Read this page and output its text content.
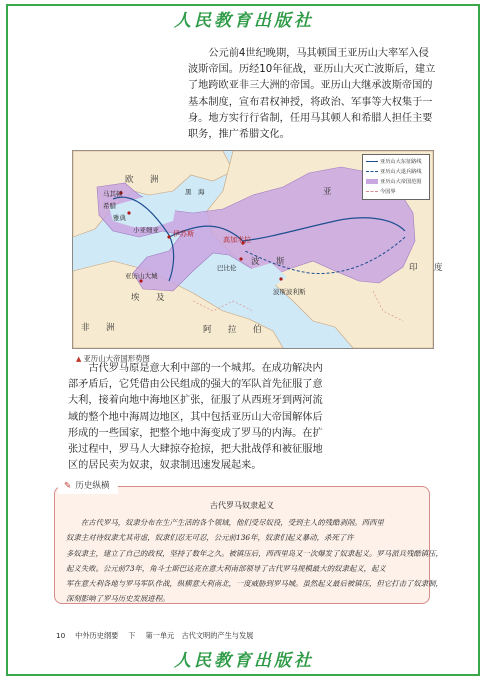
人民教育出版社
　　公元前4世纪晚期，马其顿国王亚历山大率军入侵
波斯帝国。历经10年征战，亚历山大灭亡波斯后，建立
了地跨欧亚非三大洲的帝国。亚历山大继承波斯帝国的
基本制度，宣布君权神授，将政治、军事等大权集于一
身。地方实行行省制，任用马其顿人和希腊人担任主要
职务，推广希腊文化。
欧　洲
马其顿
希腊
雅典
黑　海
小亚细亚 伊苏斯
亚历山大城
埃　及
高加米拉
巴比伦
波　斯
波斯波利斯
阿　拉　伯
非　洲
印　度
亚
亚历山大东征路线
亚历山大退兵路线
亚历山大帝国范围
今国界
▲ 亚历山大帝国形势图
　　古代罗马原是意大利中部的一个城邦。在成功解决内
部矛盾后，它凭借由公民组成的强大的军队首先征服了意
大利，接着向地中海地区扩张，征服了从西班牙到两河流
域的整个地中海周边地区，其中包括亚历山大帝国解体后
形成的一些国家，把整个地中海变成了罗马的内海。在扩
张过程中，罗马人大肆掠夺抢掠，把大批战俘和被征服地
区的居民卖为奴隶，奴隶制迅速发展起来。
✎ 历史纵横
古代罗马奴隶起义
　　在古代罗马，奴隶分布在生产生活的各个领域，他们受尽奴役，受到主人的残酷剥削。西西里
奴隶主对待奴隶尤其苛虐，奴隶们忍无可忍，公元前136年，奴隶们起义暴动，杀死了许
多奴隶主，建立了自己的政权，坚持了数年之久。被镇压后，西西里岛又一次爆发了奴隶起义。罗马派兵残酷镇压，
起义失败。公元前73年，角斗士斯巴达克在意大利南部领导了古代罗马规模最大的奴隶起义，起义
军在意大利各地与罗马军队作战，纵横意大利南北，一度威胁到罗马城。虽然起义最后被镇压，但它打击了奴隶制，
深刻影响了罗马历史发展进程。
10 中外历史纲要 下 第一单元　古代文明的产生与发展
人民教育出版社
